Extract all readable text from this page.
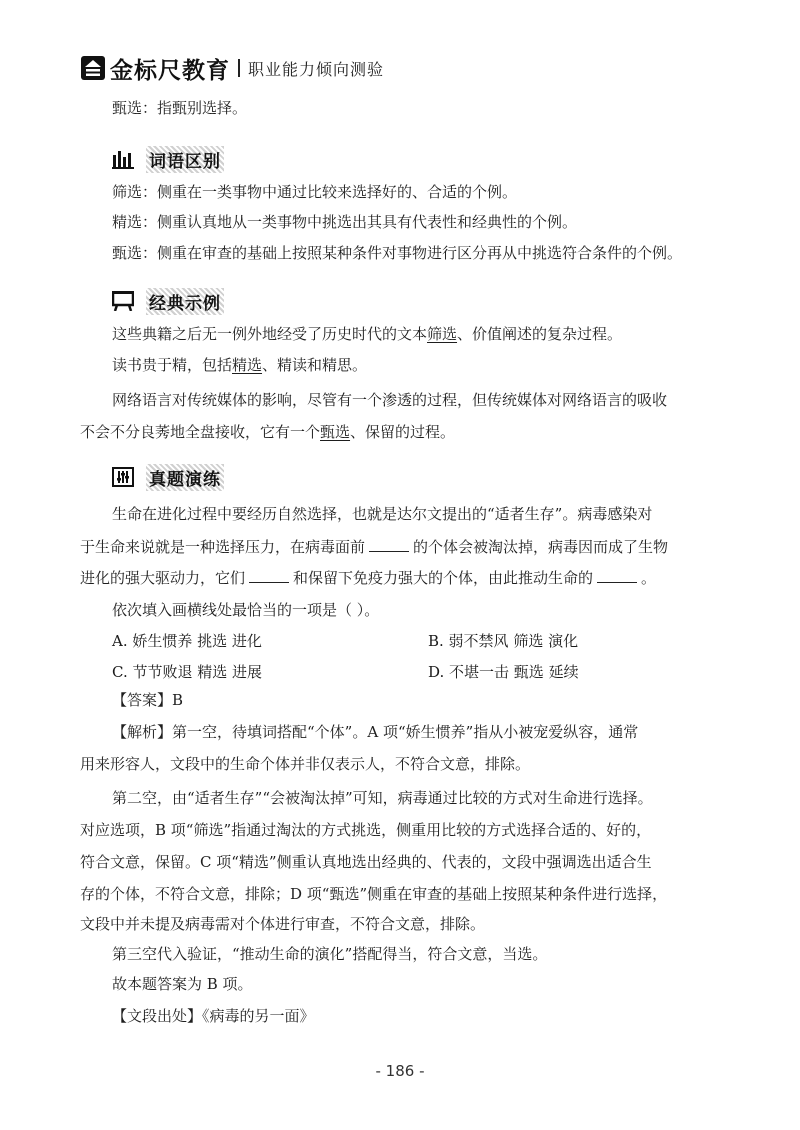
金标尺教育 职业能力倾向测验
甄选：指甄别选择。
词语区别
筛选：侧重在一类事物中通过比较来选择好的、合适的个例。
精选：侧重认真地从一类事物中挑选出其具有代表性和经典性的个例。
甄选：侧重在审查的基础上按照某种条件对事物进行区分再从中挑选符合条件的个例。
经典示例
这些典籍之后无一例外地经受了历史时代的文本筛选、价值阐述的复杂过程。
读书贵于精，包括精选、精读和精思。
网络语言对传统媒体的影响，尽管有一个渗透的过程，但传统媒体对网络语言的吸收
不会不分良莠地全盘接收，它有一个甄选、保留的过程。
真题演练
生命在进化过程中要经历自然选择，也就是达尔文提出的“适者生存”。病毒感染对
于生命来说就是一种选择压力，在病毒面前	的个体会被淘汰掉，病毒因而成了生物
进化的强大驱动力，它们	和保留下免疫力强大的个体，由此推动生命的	。
依次填入画横线处最恰当的一项是（ ）。
A. 娇生惯养 挑选 进化	B. 弱不禁风 筛选 演化
C. 节节败退 精选 进展	D. 不堪一击 甄选 延续
【答案】B
【解析】第一空，待填词搭配“个体”。A 项“娇生惯养”指从小被宠爱纵容，通常
用来形容人，文段中的生命个体并非仅表示人，不符合文意，排除。
第二空，由“适者生存”“会被淘汰掉”可知，病毒通过比较的方式对生命进行选择。
对应选项，B 项“筛选”指通过淘汰的方式挑选，侧重用比较的方式选择合适的、好的，
符合文意，保留。C 项“精选”侧重认真地选出经典的、代表的，文段中强调选出适合生
存的个体，不符合文意，排除；D 项“甄选”侧重在审查的基础上按照某种条件进行选择，
文段中并未提及病毒需对个体进行审查，不符合文意，排除。
第三空代入验证，“推动生命的演化”搭配得当，符合文意，当选。
故本题答案为 B 项。
【文段出处】《病毒的另一面》
- 186 -
